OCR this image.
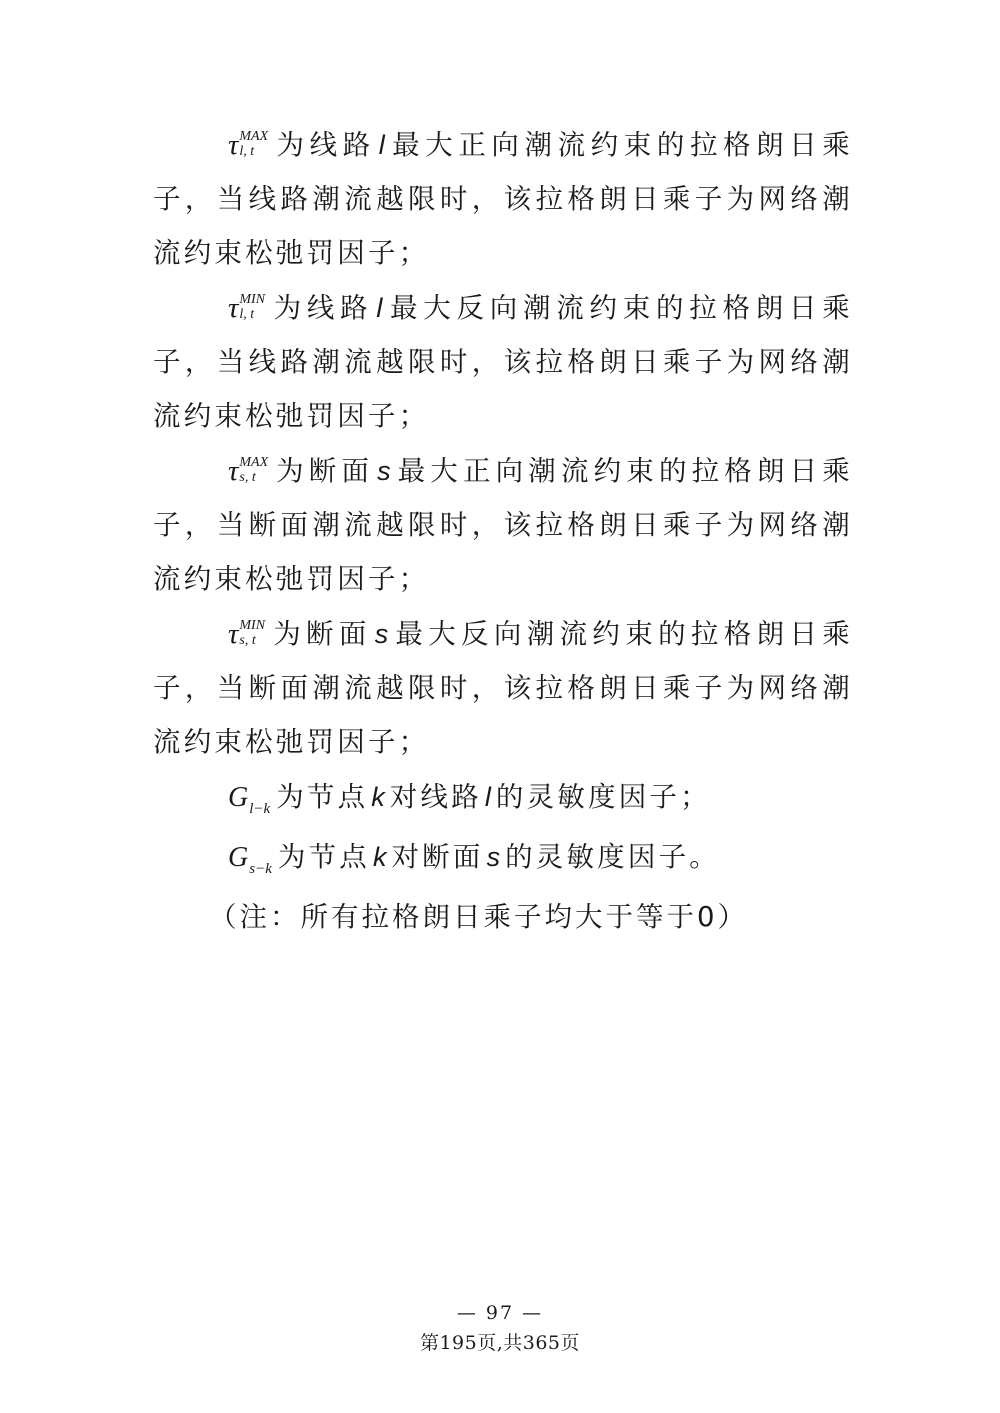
τ MAX
l, t 为线路 l 最大正向潮流约束的拉格朗日乘子，当线路潮流越限时，该拉格朗日乘子为网络潮流约束松弛罚因子；

τ MIN
l, t 为线路 l 最大反向潮流约束的拉格朗日乘子，当线路潮流越限时，该拉格朗日乘子为网络潮流约束松弛罚因子；

τ MAX
s, t 为断面 s 最大正向潮流约束的拉格朗日乘子，当断面潮流越限时，该拉格朗日乘子为网络潮流约束松弛罚因子；

τ MIN
s, t 为断面 s 最大反向潮流约束的拉格朗日乘子，当断面潮流越限时，该拉格朗日乘子为网络潮流约束松弛罚因子；

$G_{l-k}$ 为节点 k 对线路 l 的灵敏度因子；

$G_{s-k}$ 为节点 k 对断面 s 的灵敏度因子。

（注：所有拉格朗日乘子均大于等于0）

— 97 —
第195页,共365页
